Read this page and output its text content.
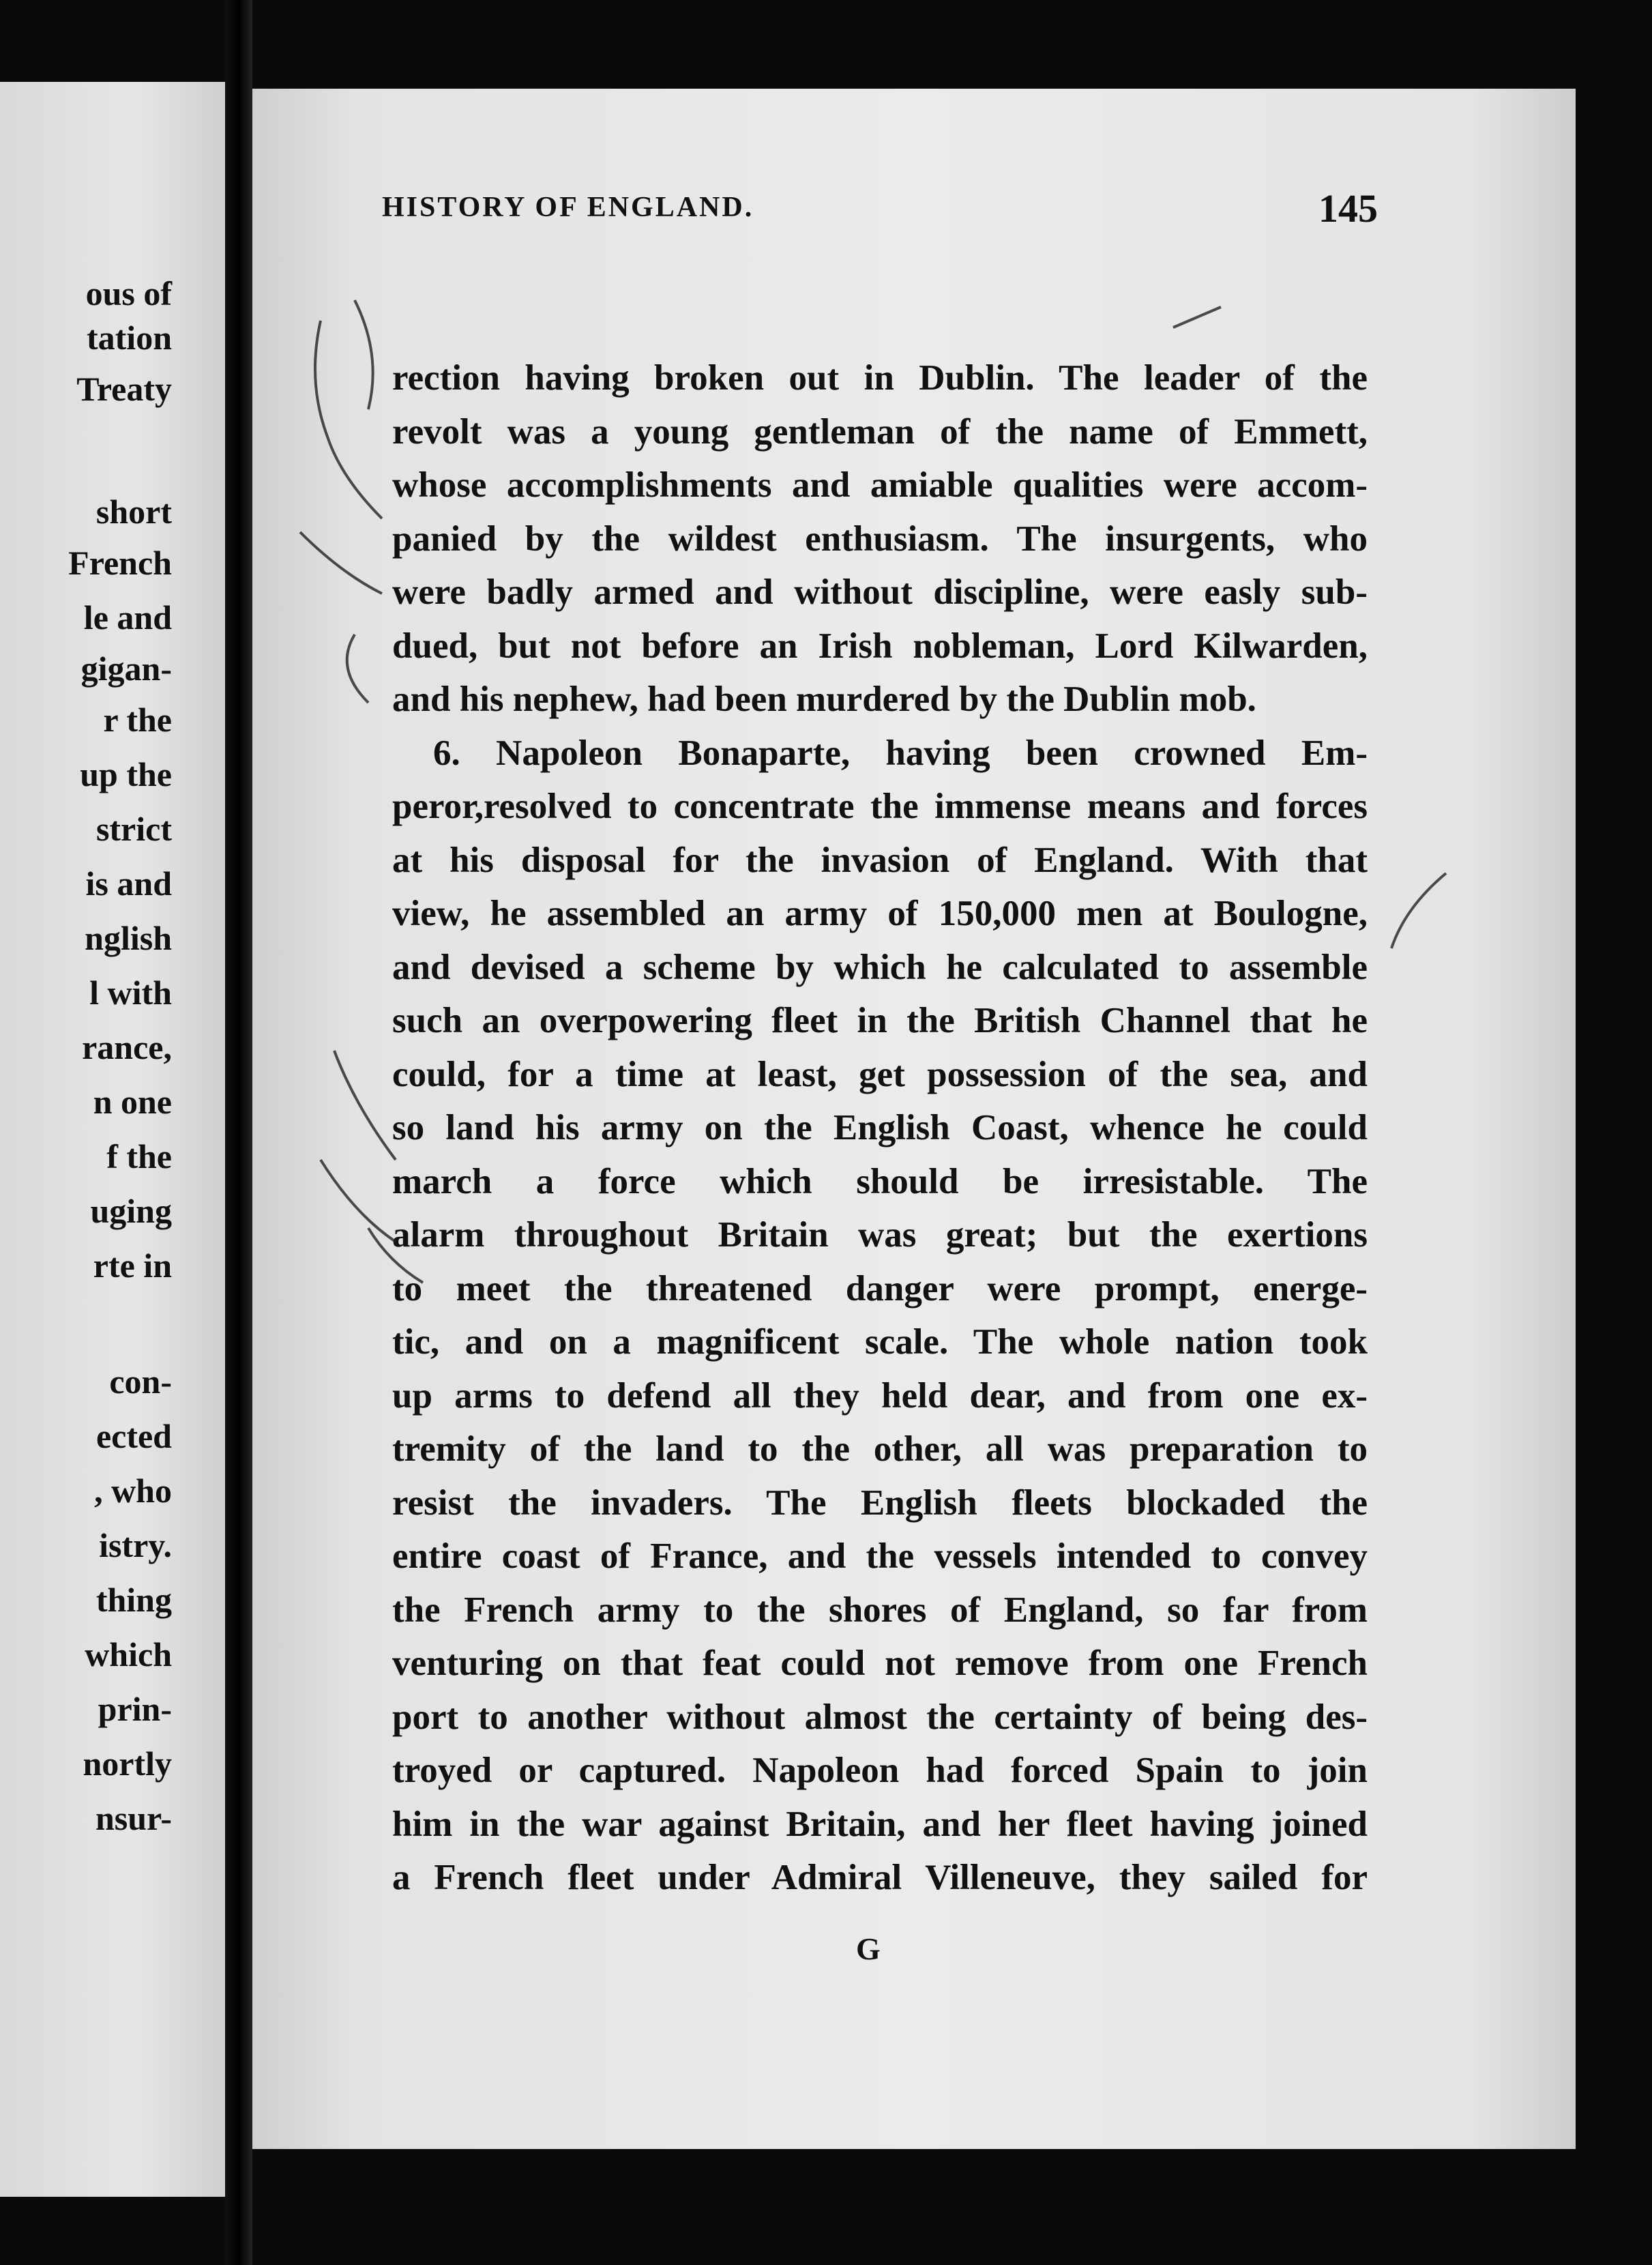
ous of
tation
Treaty
short
French
le and
gigan-
r the
up the
strict
is and
nglish
l with
rance,
n one
f the
uging
rte in
con-
ected
, who
istry.
thing
which
prin-
nortly
nsur-
HISTORY OF ENGLAND.	145
rection having broken out in Dublin. The leader of the
revolt was a young gentleman of the name of Emmett,
whose accomplishments and amiable qualities were accom-
panied by the wildest enthusiasm. The insurgents, who
were badly armed and without discipline, were easly sub-
dued, but not before an Irish nobleman, Lord Kilwarden,
and his nephew, had been murdered by the Dublin mob.
6. Napoleon Bonaparte, having been crowned Em-
peror,resolved to concentrate the immense means and forces
at his disposal for the invasion of England. With that
view, he assembled an army of 150,000 men at Boulogne,
and devised a scheme by which he calculated to assemble
such an overpowering fleet in the British Channel that he
could, for a time at least, get possession of the sea, and
so land his army on the English Coast, whence he could
march a force which should be irresistable. The
alarm throughout Britain was great; but the exertions
to meet the threatened danger were prompt, energe-
tic, and on a magnificent scale. The whole nation took
up arms to defend all they held dear, and from one ex-
tremity of the land to the other, all was preparation to
resist the invaders. The English fleets blockaded the
entire coast of France, and the vessels intended to convey
the French army to the shores of England, so far from
venturing on that feat could not remove from one French
port to another without almost the certainty of being des-
troyed or captured. Napoleon had forced Spain to join
him in the war against Britain, and her fleet having joined
a French fleet under Admiral Villeneuve, they sailed for
G
